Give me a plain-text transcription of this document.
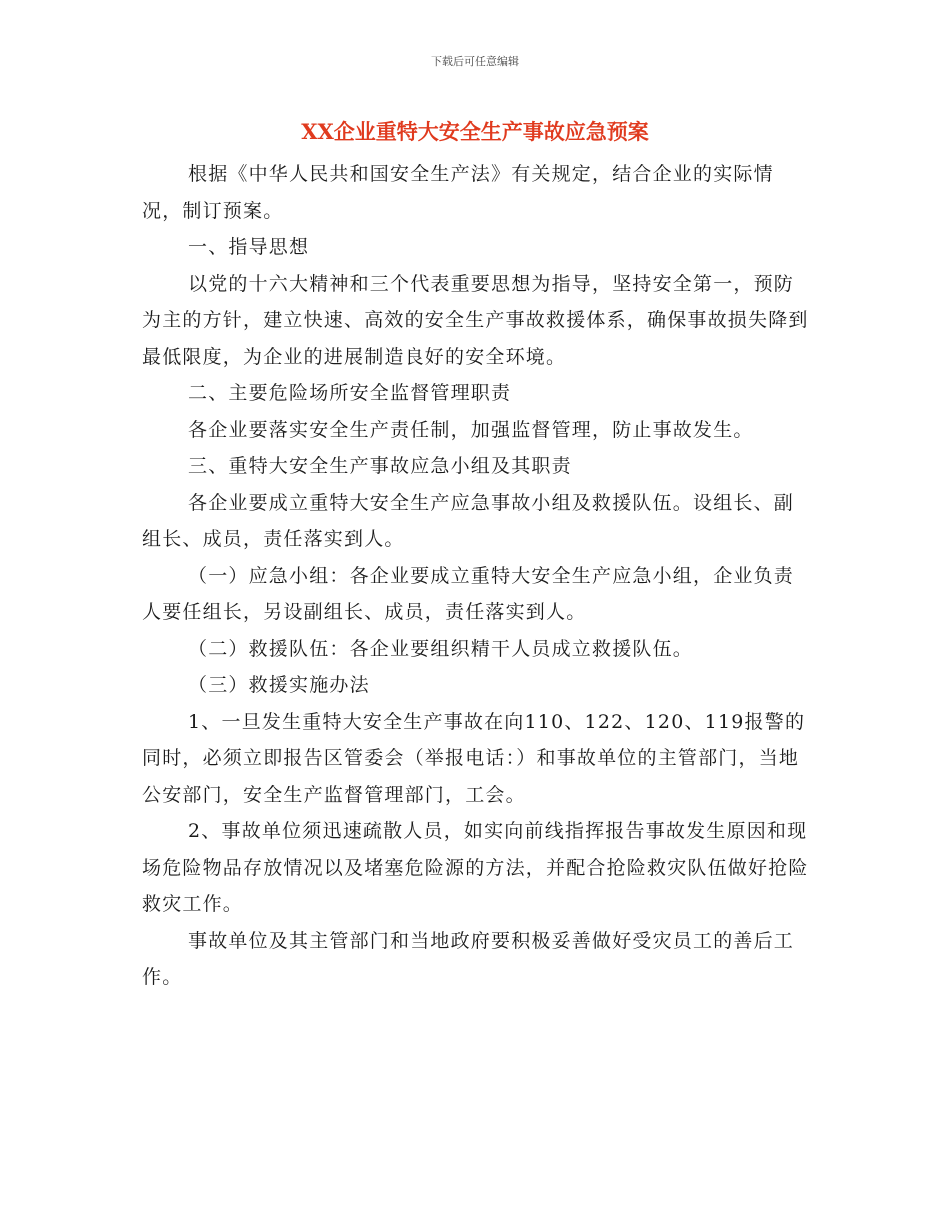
下载后可任意编辑
XX企业重特大安全生产事故应急预案

根据《中华人民共和国安全生产法》有关规定，结合企业的实际情况，制订预案。

一、指导思想

以党的十六大精神和三个代表重要思想为指导，坚持安全第一，预防为主的方针，建立快速、高效的安全生产事故救援体系，确保事故损失降到最低限度，为企业的进展制造良好的安全环境。

二、主要危险场所安全监督管理职责

各企业要落实安全生产责任制，加强监督管理，防止事故发生。

三、重特大安全生产事故应急小组及其职责

各企业要成立重特大安全生产应急事故小组及救援队伍。设组长、副组长、成员，责任落实到人。

（一）应急小组：各企业要成立重特大安全生产应急小组，企业负责人要任组长，另设副组长、成员，责任落实到人。

（二）救援队伍：各企业要组织精干人员成立救援队伍。

（三）救援实施办法

1、一旦发生重特大安全生产事故在向110、122、120、119报警的同时，必须立即报告区管委会（举报电话：）和事故单位的主管部门，当地公安部门，安全生产监督管理部门，工会。

2、事故单位须迅速疏散人员，如实向前线指挥报告事故发生原因和现场危险物品存放情况以及堵塞危险源的方法，并配合抢险救灾队伍做好抢险救灾工作。

事故单位及其主管部门和当地政府要积极妥善做好受灾员工的善后工作。
